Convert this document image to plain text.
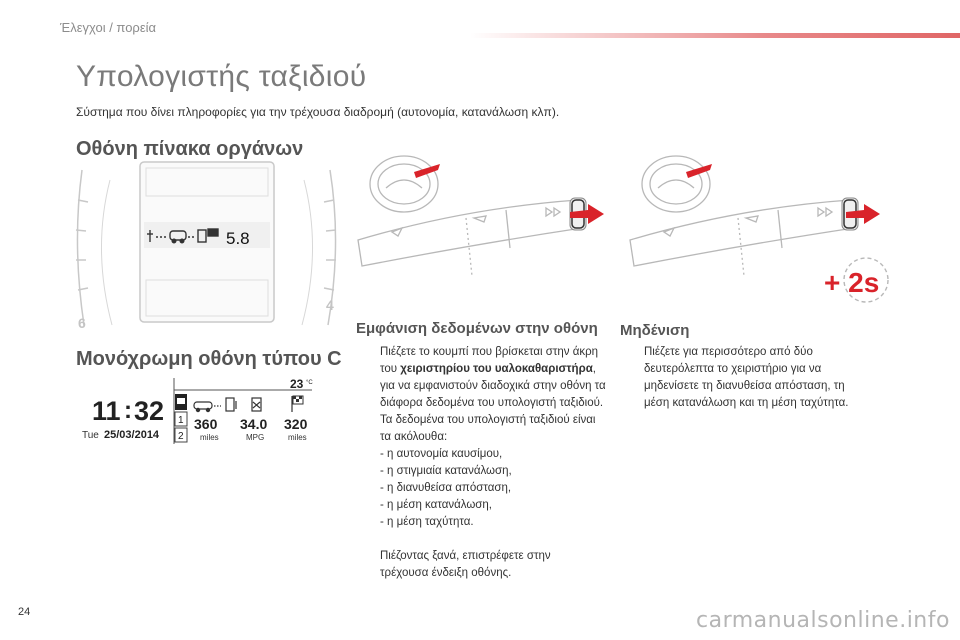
Έλεγχοι / πορεία
Υπολογιστής ταξιδιού

Σύστημα που δίνει πληροφορίες για την τρέχουσα διαδρομή (αυτονομία, κατανάλωση κλπ).

Οθόνη πίνακα οργάνων
5.8
6
4
Μονόχρωμη οθόνη τύπου C
11 : 32
Tue 25/03/2014
23 °C
1
2
360
miles
34.0
MPG
320
miles
+ 2s
Εμφάνιση δεδομένων στην οθόνη
Πιέζετε το κουμπί που βρίσκεται στην άκρη
του χειριστηρίου του υαλοκαθαριστήρα,
για να εμφανιστούν διαδοχικά στην οθόνη τα
διάφορα δεδομένα του υπολογιστή ταξιδιού.
Τα δεδομένα του υπολογιστή ταξιδιού είναι
τα ακόλουθα:
- η αυτονομία καυσίμου,
- η στιγμιαία κατανάλωση,
- η διανυθείσα απόσταση,
- η μέση κατανάλωση,
- η μέση ταχύτητα.
Πιέζοντας ξανά, επιστρέφετε στην
τρέχουσα ένδειξη οθόνης.
Μηδένιση
Πιέζετε για περισσότερο από δύο
δευτερόλεπτα το χειριστήριο για να
μηδενίσετε τη διανυθείσα απόσταση, τη
μέση κατανάλωση και τη μέση ταχύτητα.
24	carmanualsonline.info
